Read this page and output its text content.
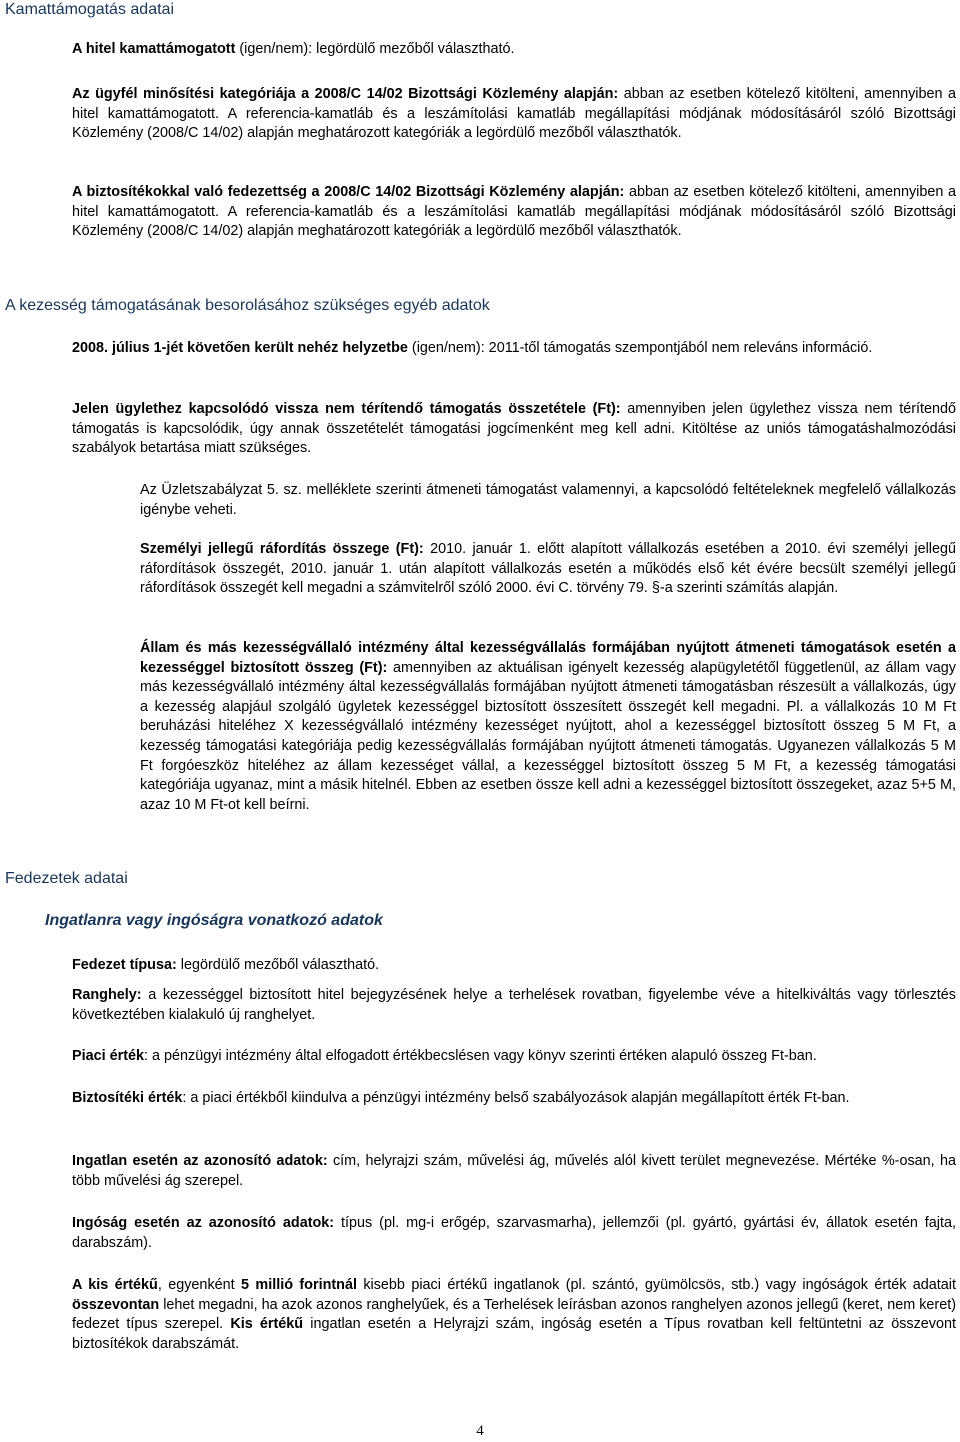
Kamattámogatás adatai

A hitel kamattámogatott (igen/nem): legördülő mezőből választható.

Az ügyfél minősítési kategóriája a 2008/C 14/02 Bizottsági Közlemény alapján: abban az esetben kötelező kitölteni, amennyiben a hitel kamattámogatott. A referencia-kamatláb és a leszámítolási kamatláb megállapítási módjának módosításáról szóló Bizottsági Közlemény (2008/C 14/02) alapján meghatározott kategóriák a legördülő mezőből választhatók.

A biztosítékokkal való fedezettség a 2008/C 14/02 Bizottsági Közlemény alapján: abban az esetben kötelező kitölteni, amennyiben a hitel kamattámogatott. A referencia-kamatláb és a leszámítolási kamatláb megállapítási módjának módosításáról szóló Bizottsági Közlemény (2008/C 14/02) alapján meghatározott kategóriák a legördülő mezőből választhatók.

A kezesség támogatásának besorolásához szükséges egyéb adatok

2008. július 1-jét követően került nehéz helyzetbe (igen/nem): 2011-től támogatás szempontjából nem releváns információ.

Jelen ügylethez kapcsolódó vissza nem térítendő támogatás összetétele (Ft): amennyiben jelen ügylethez vissza nem térítendő támogatás is kapcsolódik, úgy annak összetételét támogatási jogcímenként meg kell adni. Kitöltése az uniós támogatáshalmozódási szabályok betartása miatt szükséges.

Az Üzletszabályzat 5. sz. melléklete szerinti átmeneti támogatást valamennyi, a kapcsolódó feltételeknek megfelelő vállalkozás igénybe veheti.

Személyi jellegű ráfordítás összege (Ft): 2010. január 1. előtt alapított vállalkozás esetében a 2010. évi személyi jellegű ráfordítások összegét, 2010. január 1. után alapított vállalkozás esetén a működés első két évére becsült személyi jellegű ráfordítások összegét kell megadni a számvitelről szóló 2000. évi C. törvény 79. §-a szerinti számítás alapján.

Állam és más kezességvállaló intézmény által kezességvállalás formájában nyújtott átmeneti támogatások esetén a kezességgel biztosított összeg (Ft): amennyiben az aktuálisan igényelt kezesség alapügyletétől függetlenül, az állam vagy más kezességvállaló intézmény által kezességvállalás formájában nyújtott átmeneti támogatásban részesült a vállalkozás, úgy a kezesség alapjául szolgáló ügyletek kezességgel biztosított összesített összegét kell megadni. Pl. a vállalkozás 10 M Ft beruházási hiteléhez X kezességvállaló intézmény kezességet nyújtott, ahol a kezességgel biztosított összeg 5 M Ft, a kezesség támogatási kategóriája pedig kezességvállalás formájában nyújtott átmeneti támogatás. Ugyanezen vállalkozás 5 M Ft forgóeszköz hiteléhez az állam kezességet vállal, a kezességgel biztosított összeg 5 M Ft, a kezesség támogatási kategóriája ugyanaz, mint a másik hitelnél. Ebben az esetben össze kell adni a kezességgel biztosított összegeket, azaz 5+5 M, azaz 10 M Ft-ot kell beírni.

Fedezetek adatai
Ingatlanra vagy ingóságra vonatkozó adatok

Fedezet típusa: legördülő mezőből választható.

Ranghely: a kezességgel biztosított hitel bejegyzésének helye a terhelések rovatban, figyelembe véve a hitelkiváltás vagy törlesztés következtében kialakuló új ranghelyet.

Piaci érték: a pénzügyi intézmény által elfogadott értékbecslésen vagy könyv szerinti értéken alapuló összeg Ft-ban.

Biztosítéki érték: a piaci értékből kiindulva a pénzügyi intézmény belső szabályozások alapján megállapított érték Ft-ban.

Ingatlan esetén az azonosító adatok: cím, helyrajzi szám, művelési ág, művelés alól kivett terület megnevezése. Mértéke %-osan, ha több művelési ág szerepel.

Ingóság esetén az azonosító adatok: típus (pl. mg-i erőgép, szarvasmarha), jellemzői (pl. gyártó, gyártási év, állatok esetén fajta, darabszám).

A kis értékű, egyenként 5 millió forintnál kisebb piaci értékű ingatlanok (pl. szántó, gyümölcsös, stb.) vagy ingóságok érték adatait összevontan lehet megadni, ha azok azonos ranghelyűek, és a Terhelések leírásban azonos ranghelyen azonos jellegű (keret, nem keret) fedezet típus szerepel. Kis értékű ingatlan esetén a Helyrajzi szám, ingóság esetén a Típus rovatban kell feltüntetni az összevont biztosítékok darabszámát.

4
